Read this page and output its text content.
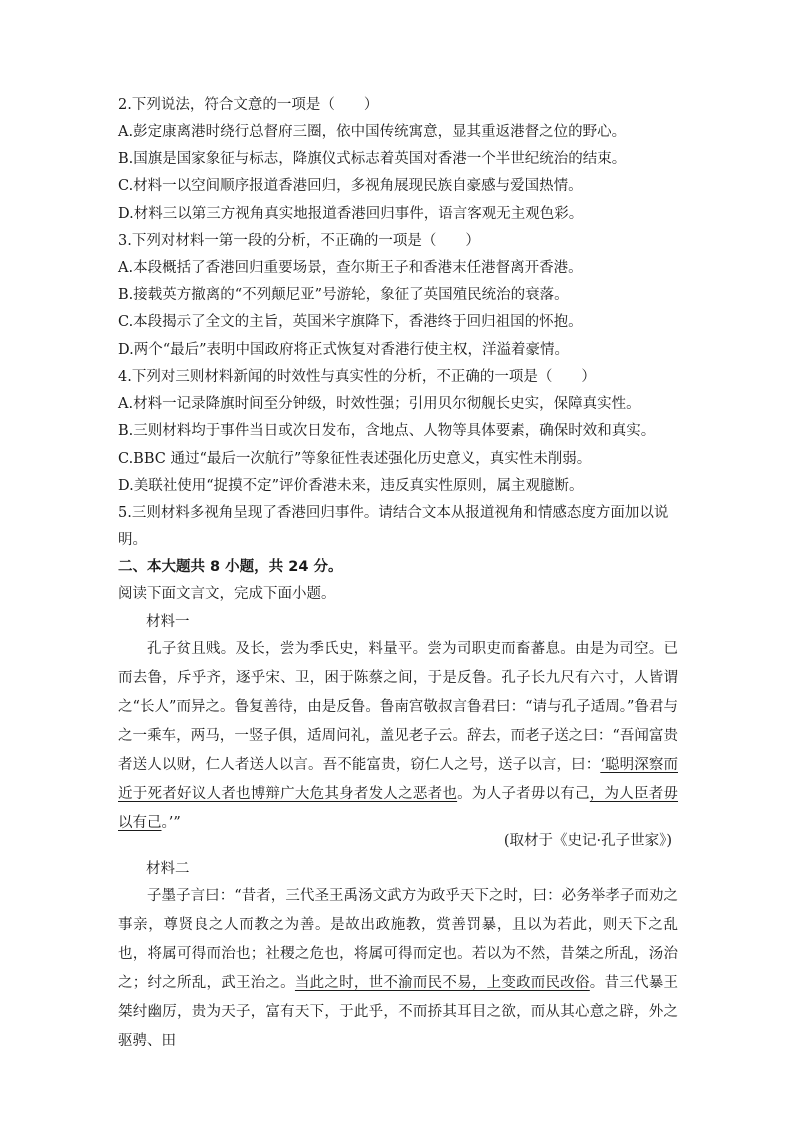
2.下列说法，符合文意的一项是（　　）
A.彭定康离港时绕行总督府三圈，依中国传统寓意，显其重返港督之位的野心。
B.国旗是国家象征与标志，降旗仪式标志着英国对香港一个半世纪统治的结束。
C.材料一以空间顺序报道香港回归，多视角展现民族自豪感与爱国热情。
D.材料三以第三方视角真实地报道香港回归事件，语言客观无主观色彩。
3.下列对材料一第一段的分析，不正确的一项是（　　）
A.本段概括了香港回归重要场景，查尔斯王子和香港末任港督离开香港。
B.接载英方撤离的“不列颠尼亚”号游轮，象征了英国殖民统治的衰落。
C.本段揭示了全文的主旨，英国米字旗降下，香港终于回归祖国的怀抱。
D.两个“最后”表明中国政府将正式恢复对香港行使主权，洋溢着豪情。
4.下列对三则材料新闻的时效性与真实性的分析，不正确的一项是（　　）
A.材料一记录降旗时间至分钟级，时效性强；引用贝尔彻舰长史实，保障真实性。
B.三则材料均于事件当日或次日发布，含地点、人物等具体要素，确保时效和真实。
C.BBC 通过“最后一次航行”等象征性表述强化历史意义，真实性未削弱。
D.美联社使用“捉摸不定”评价香港未来，违反真实性原则，属主观臆断。
5.三则材料多视角呈现了香港回归事件。请结合文本从报道视角和情感态度方面加以说
明。
二、本大题共 8 小题，共 24 分。
阅读下面文言文，完成下面小题。
材料一

孔子贫且贱。及长，尝为季氏史，料量平。尝为司职吏而畜蕃息。由是为司空。已而去鲁，斥乎齐，逐乎宋、卫，困于陈蔡之间，于是反鲁。孔子长九尺有六寸，人皆谓之“长人”而异之。鲁复善待，由是反鲁。鲁南宫敬叔言鲁君曰：“请与孔子适周。”鲁君与之一乘车，两马，一竖子俱，适周问礼，盖见老子云。辞去，而老子送之曰：“吾闻富贵者送人以财，仁人者送人以言。吾不能富贵，窃仁人之号，送子以言，曰：‘聪明深察而近于死者好议人者也博辩广大危其身者发人之恶者也。为人子者毋以有己，为人臣者毋以有己。’”

(取材于《史记·孔子世家》)
材料二

子墨子言曰：“昔者，三代圣王禹汤文武方为政乎天下之时，曰：必务举孝子而劝之事亲，尊贤良之人而教之为善。是故出政施教，赏善罚暴，且以为若此，则天下之乱也，将属可得而治也；社稷之危也，将属可得而定也。若以为不然，昔桀之所乱，汤治之；纣之所乱，武王治之。当此之时，世不渝而民不易，上变政而民改俗。昔三代暴王桀纣幽厉，贵为天子，富有天下，于此乎，不而挢其耳目之欲，而从其心意之辟，外之驱骋、田
